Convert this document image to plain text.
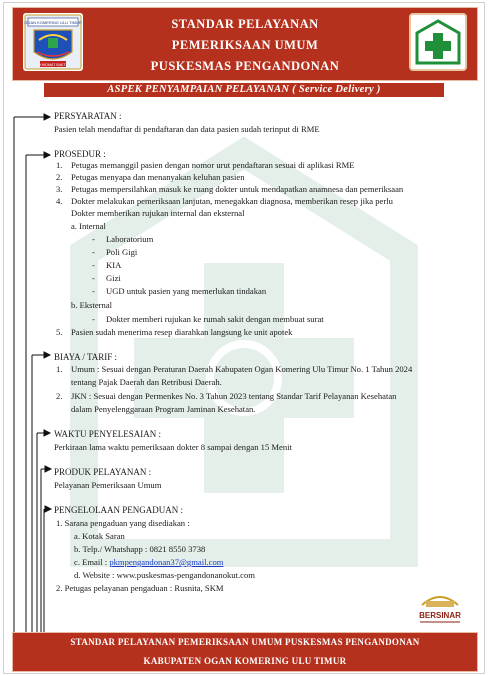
OGAN KOMERING ULU TIMUR
KHIDMAT BAKTI
STANDAR PELAYANAN
PEMERIKSAAN UMUM
PUSKESMAS PENGANDONAN
ASPEK PENYAMPAIAN PELAYANAN ( Service Delivery )
PERSYARATAN :
Pasien telah mendaftar di pendaftaran dan data pasien sudah terinput di RME
PROSEDUR :
1. Petugas memanggil pasien dengan nomor urut pendaftaran sesuai di aplikasi RME
2. Petugas menyapa dan menanyakan keluhan pasien
3. Petugas mempersilahkan masuk ke ruang dokter untuk mendapatkan anamnesa dan pemeriksaan
4. Dokter melakukan pemeriksaan lanjutan, menegakkan diagnosa, memberikan resep jika perlu
Dokter memberikan rujukan internal dan eksternal
a. Internal
- Laboratorium
- Poli Gigi
- KIA
- Gizi
- UGD untuk pasien yang memerlukan tindakan
b. Eksternal
- Dokter memberi rujukan ke rumah sakit dengan membuat surat
5. Pasien sudah menerima resep diarahkan langsung ke unit apotek
BIAYA / TARIF :
1. Umum : Sesuai dengan Peraturan Daerah Kabupaten Ogan Komering Ulu Timur No. 1 Tahun 2024
tentang Pajak Daerah dan Retribusi Daerah.
2. JKN : Sesuai dengan Permenkes No. 3 Tahun 2023 tentang Standar Tarif Pelayanan Kesehatan
dalam Penyelenggaraan Program Jaminan Kesehatan.
WAKTU PENYELESAIAN :
Perkiraan lama waktu pemeriksaan dokter 8 sampai dengan 15 Menit
PRODUK PELAYANAN :
Pelayanan Pemeriksaan Umum
PENGELOLAAN PENGADUAN :
1. Sarana pengaduan yang disediakan :
a. Kotak Saran
b. Telp./ Whatshapp : 0821 8550 3738
c. Email : pkmpengandonan37@gmail.com
d. Website : www.puskesmas-pengandonanokut.com
2. Petugas pelayanan pengaduan : Rusnita, SKM
BERSINAR
STANDAR PELAYANAN PEMERIKSAAN UMUM PUSKESMAS PENGANDONAN
KABUPATEN OGAN KOMERING ULU TIMUR
